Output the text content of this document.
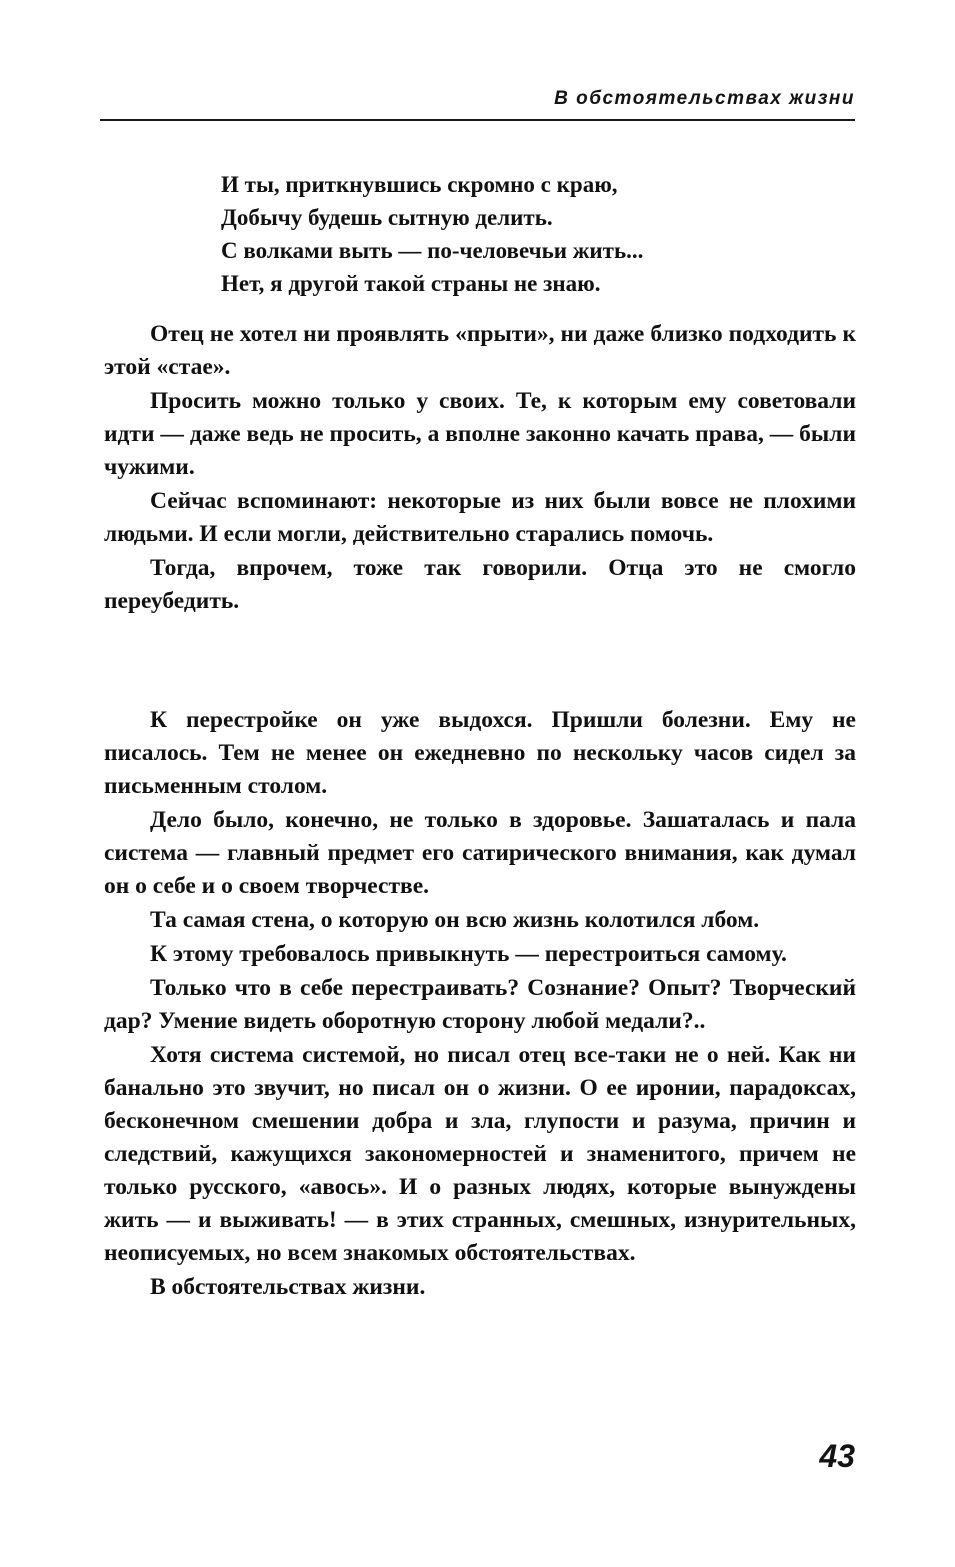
В обстоятельствах жизни
И ты, приткнувшись скромно с краю,
Добычу будешь сытную делить.
С волками выть — по-человечьи жить...
Нет, я другой такой страны не знаю.

Отец не хотел ни проявлять «прыти», ни даже близко подходить к этой «стае».

Просить можно только у своих. Те, к которым ему советовали идти — даже ведь не просить, а вполне законно качать права, — были чужими.

Сейчас вспоминают: некоторые из них были вовсе не плохими людьми. И если могли, действительно старались помочь.

Тогда, впрочем, тоже так говорили. Отца это не смогло переубедить.

К перестройке он уже выдохся. Пришли болезни. Ему не писалось. Тем не менее он ежедневно по нескольку часов сидел за письменным столом.

Дело было, конечно, не только в здоровье. Зашаталась и пала система — главный предмет его сатирического внимания, как думал он о себе и о своем творчестве.

Та самая стена, о которую он всю жизнь колотился лбом.

К этому требовалось привыкнуть — перестроиться самому.

Только что в себе перестраивать? Сознание? Опыт? Творческий дар? Умение видеть оборотную сторону любой медали?..

Хотя система системой, но писал отец все-таки не о ней. Как ни банально это звучит, но писал он о жизни. О ее иронии, парадоксах, бесконечном смешении добра и зла, глупости и разума, причин и следствий, кажущихся закономерностей и знаменитого, причем не только русского, «авось». И о разных людях, которые вынуждены жить — и выживать! — в этих странных, смешных, изнурительных, неописуемых, но всем знакомых обстоятельствах.

В обстоятельствах жизни.

43
